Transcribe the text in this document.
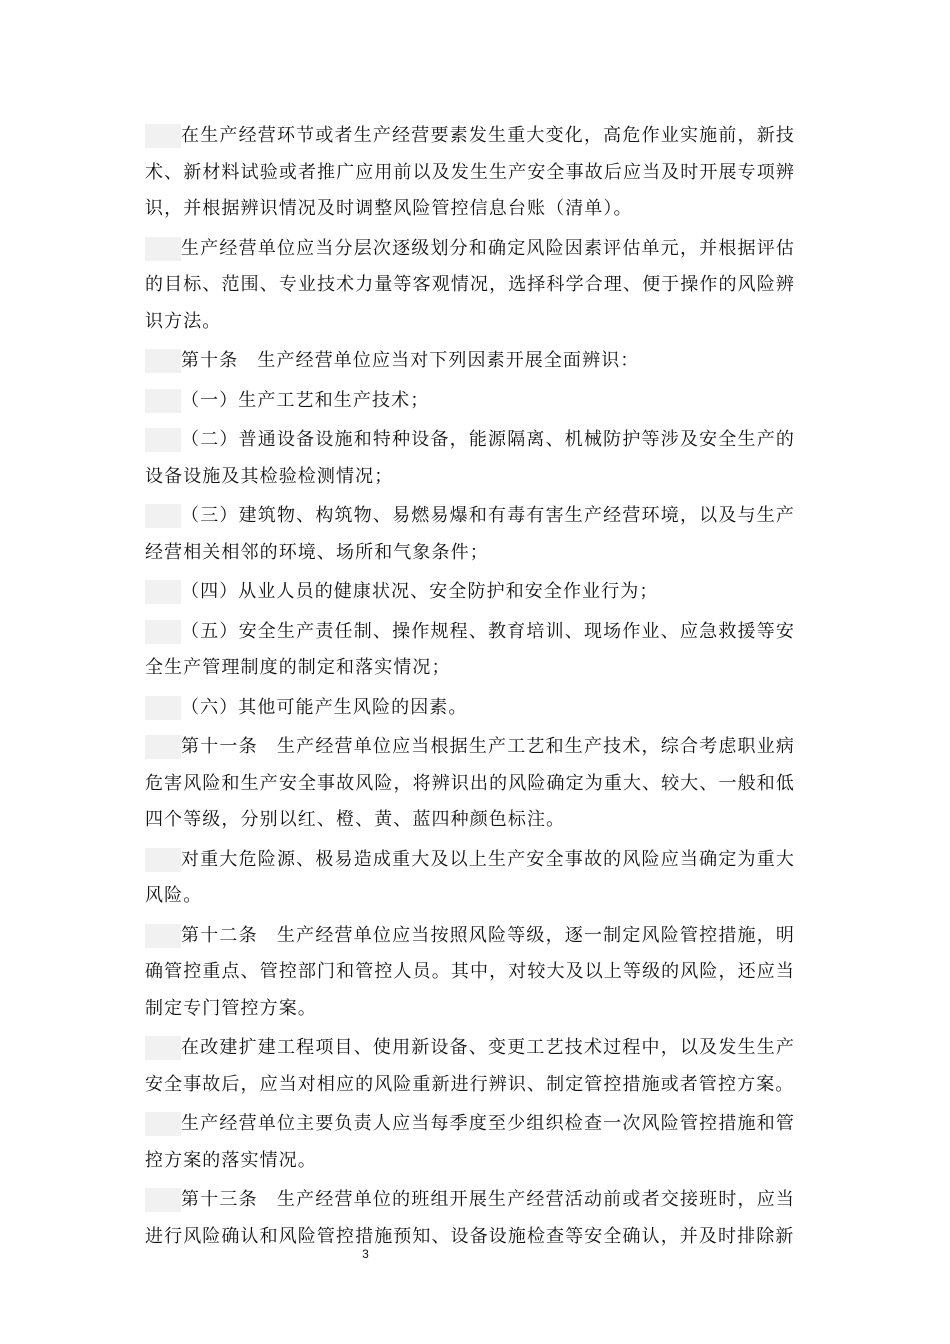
在生产经营环节或者生产经营要素发生重大变化，高危作业实施前，新技术、新材料试验或者推广应用前以及发生生产安全事故后应当及时开展专项辨识，并根据辨识情况及时调整风险管控信息台账（清单）。

生产经营单位应当分层次逐级划分和确定风险因素评估单元，并根据评估的目标、范围、专业技术力量等客观情况，选择科学合理、便于操作的风险辨识方法。

第十条　生产经营单位应当对下列因素开展全面辨识：

（一）生产工艺和生产技术；

（二）普通设备设施和特种设备，能源隔离、机械防护等涉及安全生产的设备设施及其检验检测情况；

（三）建筑物、构筑物、易燃易爆和有毒有害生产经营环境，以及与生产经营相关相邻的环境、场所和气象条件；

（四）从业人员的健康状况、安全防护和安全作业行为；

（五）安全生产责任制、操作规程、教育培训、现场作业、应急救援等安全生产管理制度的制定和落实情况；

（六）其他可能产生风险的因素。

第十一条　生产经营单位应当根据生产工艺和生产技术，综合考虑职业病危害风险和生产安全事故风险，将辨识出的风险确定为重大、较大、一般和低四个等级，分别以红、橙、黄、蓝四种颜色标注。

对重大危险源、极易造成重大及以上生产安全事故的风险应当确定为重大风险。

第十二条　生产经营单位应当按照风险等级，逐一制定风险管控措施，明确管控重点、管控部门和管控人员。其中，对较大及以上等级的风险，还应当制定专门管控方案。

在改建扩建工程项目、使用新设备、变更工艺技术过程中，以及发生生产安全事故后，应当对相应的风险重新进行辨识、制定管控措施或者管控方案。

生产经营单位主要负责人应当每季度至少组织检查一次风险管控措施和管控方案的落实情况。

第十三条　生产经营单位的班组开展生产经营活动前或者交接班时，应当进行风险确认和风险管控措施预知、设备设施检查等安全确认，并及时排除新

3
